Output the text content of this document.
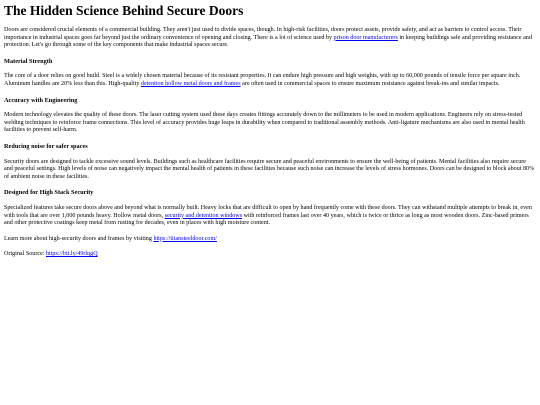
The Hidden Science Behind Secure Doors

Doors are considered crucial elements of a commercial building. They aren't just used to divide spaces, though. In high-risk facilities, doors protect assets, provide safety, and act as barriers to control access. Their importance in industrial spaces goes far beyond just the ordinary convenience of opening and closing. There is a lot of science used by prison door manufacturers in keeping buildings safe and providing resistance and protection. Let's go through some of the key components that make industrial spaces secure.

Material Strength

The core of a door relies on good build. Steel is a widely chosen material because of its resistant properties. It can endure high pressure and high weights, with up to 60,000 pounds of tensile force per square inch. Aluminum handles are 20% less than this. High-quality detention hollow metal doors and frames are often used in commercial spaces to ensure maximum resistance against break-ins and similar impacts.

Accuracy with Engineering

Modern technology elevates the quality of these doors. The laser cutting system used these days creates fittings accurately down to the millimeters to be used in modern applications. Engineers rely on stress-tested welding techniques to reinforce frame connections. This level of accuracy provides huge leaps in durability when compared to traditional assembly methods. Anti-ligature mechanisms are also used in mental health facilities to prevent self-harm.

Reducing noise for safer spaces

Security doors are designed to tackle excessive sound levels. Buildings such as healthcare facilities require secure and peaceful environments to ensure the well-being of patients. Mental facilities also require secure and peaceful settings. High levels of noise can negatively impact the mental health of patients in these facilities because such noise can increase the levels of stress hormones. Doors can be designed to block about 80% of ambient noise in these facilities.

Designed for High Stack Security

Specialized features take secure doors above and beyond what is normally built. Heavy locks that are difficult to open by hand frequently come with these doors. They can withstand multiple attempts to break in, even with tools that are over 1,000 pounds heavy. Hollow metal doors, security and detention windows with reinforced frames last over 40 years, which is twice or thrice as long as most wooden doors. Zinc-based primers and other protective coatings keep metal from rusting for decades, even in places with high moisture content.

Learn more about high-security doors and frames by visiting https://titansteeldoor.com/

Original Source: https://bit.ly/49rlqgQ
